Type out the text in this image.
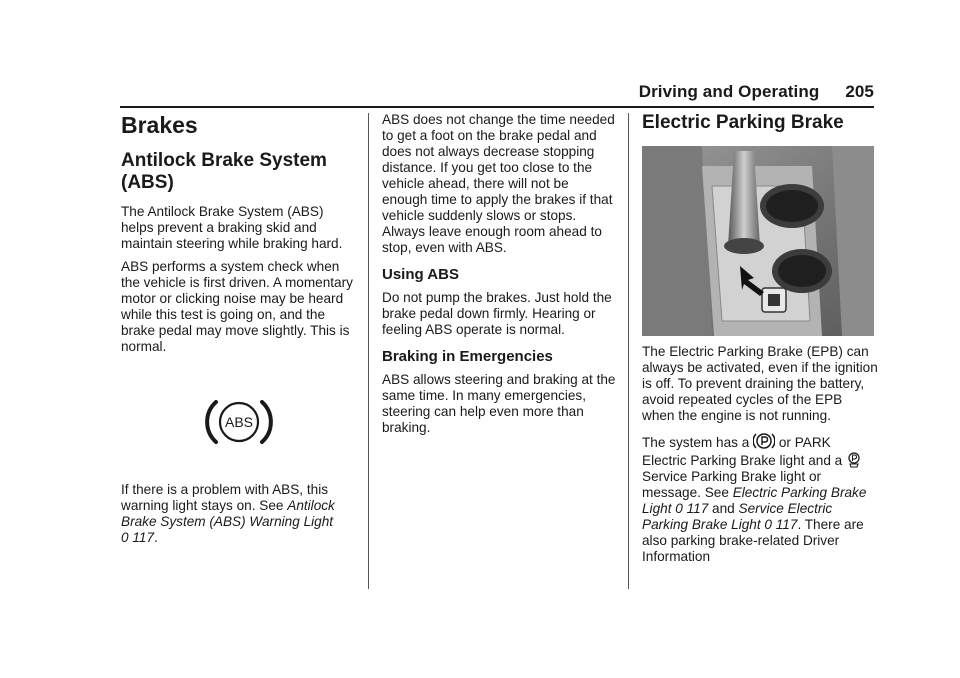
Driving and Operating 205
Brakes
Antilock Brake System (ABS)

The Antilock Brake System (ABS) helps prevent a braking skid and maintain steering while braking hard.

ABS performs a system check when the vehicle is first driven. A momentary motor or clicking noise may be heard while this test is going on, and the brake pedal may move slightly. This is normal.

ABS

If there is a problem with ABS, this warning light stays on. See Antilock Brake System (ABS) Warning Light
0 117.

ABS does not change the time needed to get a foot on the brake pedal and does not always decrease stopping distance. If you get too close to the vehicle ahead, there will not be enough time to apply the brakes if that vehicle suddenly slows or stops. Always leave enough room ahead to stop, even with ABS.

Using ABS

Do not pump the brakes. Just hold the brake pedal down firmly. Hearing or feeling ABS operate is normal.

Braking in Emergencies

ABS allows steering and braking at the same time. In many emergencies, steering can help even more than braking.

Electric Parking Brake

The Electric Parking Brake (EPB) can always be activated, even if the ignition is off. To prevent draining the battery, avoid repeated cycles of the EPB when the engine is not running.

The system has a  or PARK Electric Parking Brake light and a  Service Parking Brake light or message. See Electric Parking Brake Light 0 117 and Service Electric Parking Brake Light 0 117. There are also parking brake-related Driver Information
